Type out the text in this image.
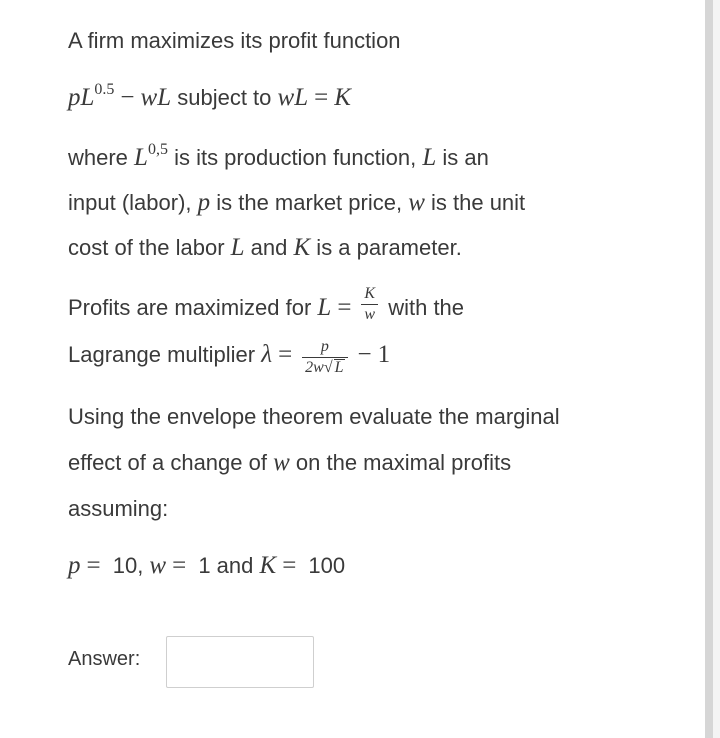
A firm maximizes its profit function
$pL^{0.5}$ − wL subject to wL = K
where L$^{0,5}$ is its production function, L is an
input (labor), p is the market price, w is the unit
cost of the labor L and K is a parameter.
Profits are maximized for $L = \frac{K}{w}$ with the
Lagrange multiplier $\lambda = \frac{p}{2w√ L} - 1$
Using the envelope theorem evaluate the marginal
effect of a change of w on the maximal profits
assuming:
p = 10, w = 1 and K = 100
Answer:
